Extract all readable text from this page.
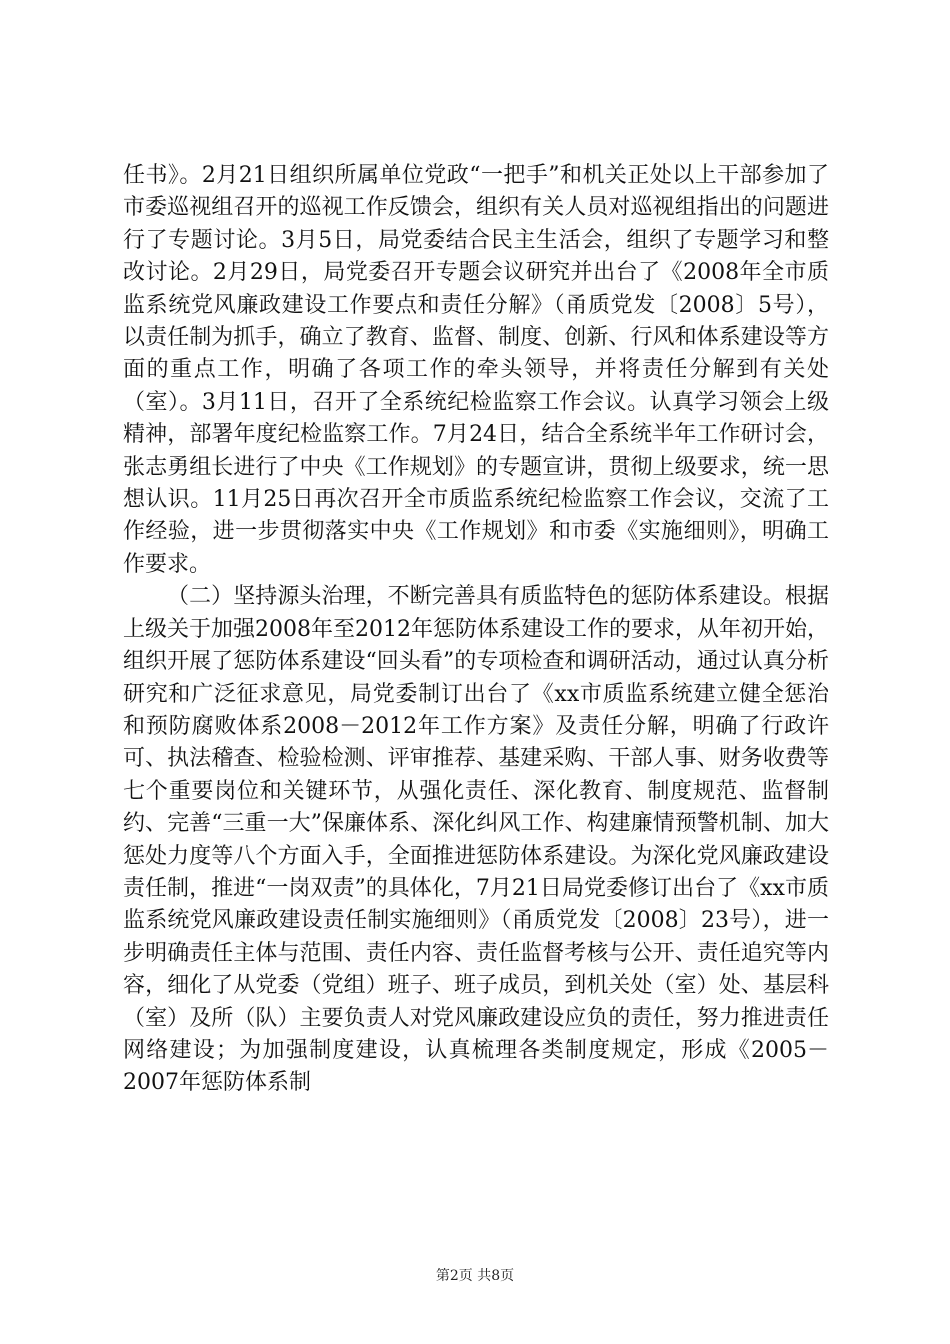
任书》。2月21日组织所属单位党政“一把手”和机关正处以上干部参加了市委巡视组召开的巡视工作反馈会，组织有关人员对巡视组指出的问题进行了专题讨论。3月5日，局党委结合民主生活会，组织了专题学习和整改讨论。2月29日，局党委召开专题会议研究并出台了《2008年全市质监系统党风廉政建设工作要点和责任分解》（甬质党发〔2008〕5号），以责任制为抓手，确立了教育、监督、制度、创新、行风和体系建设等方面的重点工作，明确了各项工作的牵头领导，并将责任分解到有关处（室）。3月11日，召开了全系统纪检监察工作会议。认真学习领会上级精神，部署年度纪检监察工作。7月24日，结合全系统半年工作研讨会，张志勇组长进行了中央《工作规划》的专题宣讲，贯彻上级要求，统一思想认识。11月25日再次召开全市质监系统纪检监察工作会议，交流了工作经验，进一步贯彻落实中央《工作规划》和市委《实施细则》，明确工作要求。

（二）坚持源头治理，不断完善具有质监特色的惩防体系建设。根据上级关于加强2008年至2012年惩防体系建设工作的要求，从年初开始，组织开展了惩防体系建设“回头看”的专项检查和调研活动，通过认真分析研究和广泛征求意见，局党委制订出台了《xx市质监系统建立健全惩治和预防腐败体系2008－2012年工作方案》及责任分解，明确了行政许可、执法稽查、检验检测、评审推荐、基建采购、干部人事、财务收费等七个重要岗位和关键环节，从强化责任、深化教育、制度规范、监督制约、完善“三重一大”保廉体系、深化纠风工作、构建廉情预警机制、加大惩处力度等八个方面入手，全面推进惩防体系建设。为深化党风廉政建设责任制，推进“一岗双责”的具体化，7月21日局党委修订出台了《xx市质监系统党风廉政建设责任制实施细则》（甬质党发〔2008〕23号），进一步明确责任主体与范围、责任内容、责任监督考核与公开、责任追究等内容，细化了从党委（党组）班子、班子成员，到机关处（室）处、基层科（室）及所（队）主要负责人对党风廉政建设应负的责任，努力推进责任网络建设；为加强制度建设，认真梳理各类制度规定，形成《2005－2007年惩防体系制

第2页 共8页
